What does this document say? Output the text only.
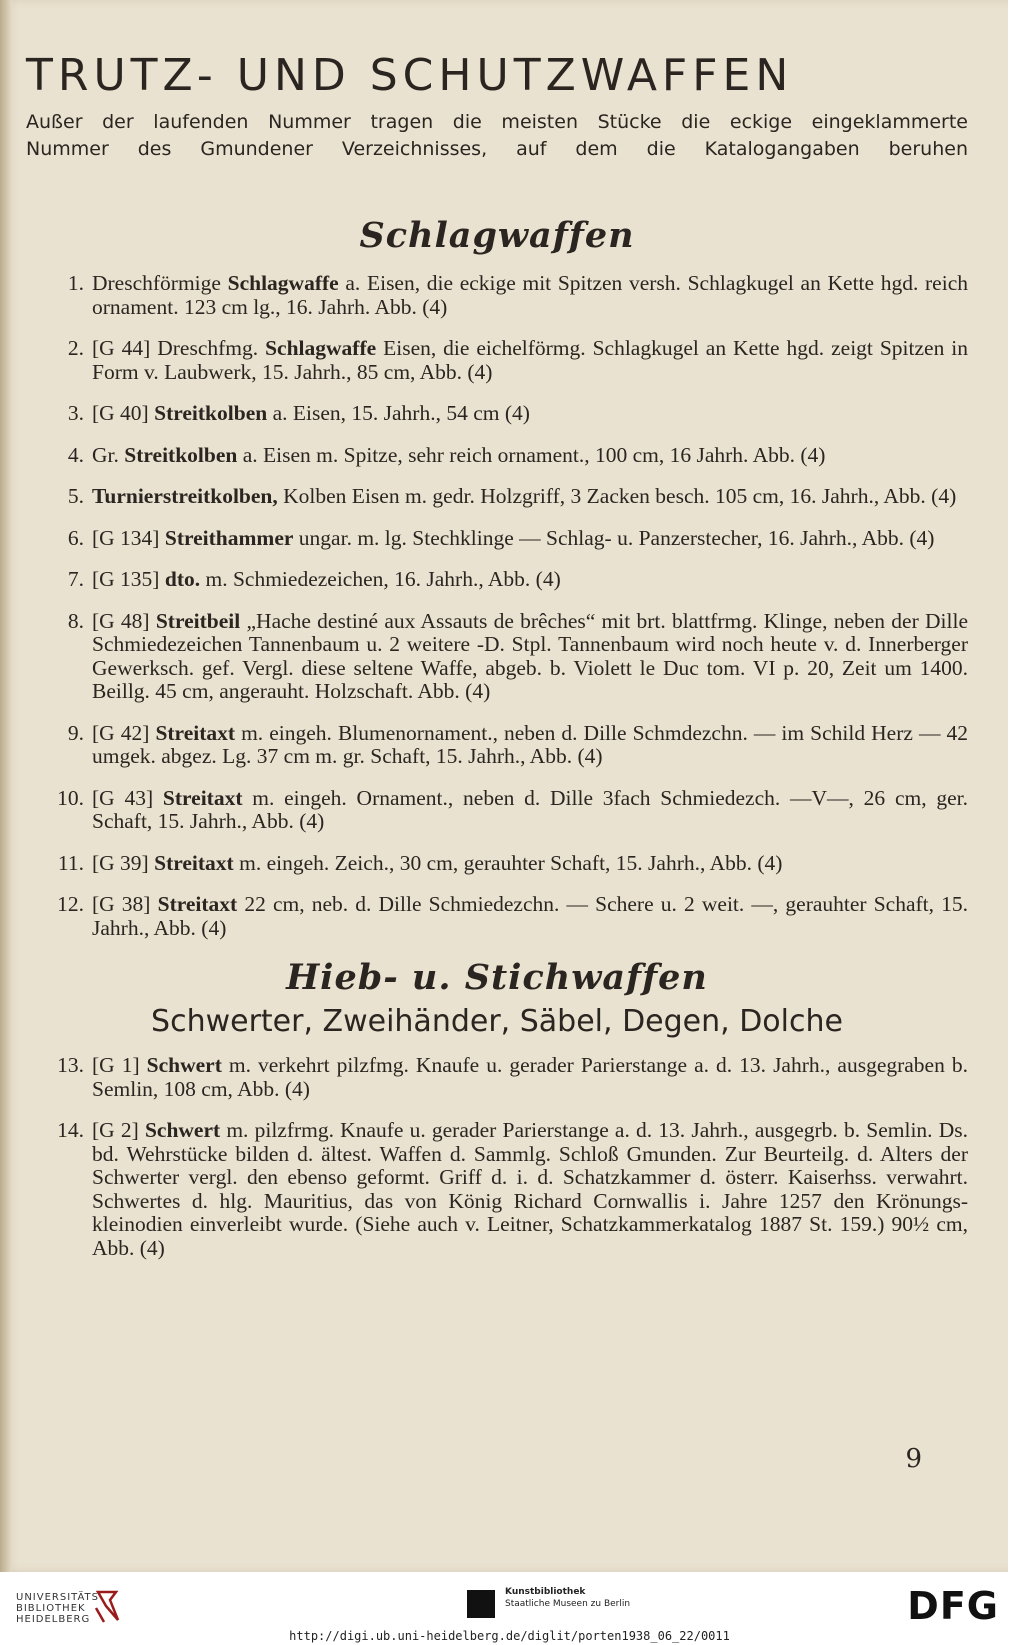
TRUTZ- UND SCHUTZWAFFEN

Außer der laufenden Nummer tragen die meisten Stücke die eckige eingeklammerte

Nummer des Gmundener Verzeichnisses, auf dem die Katalogangaben beruhen

Schlagwaffen
1. Dreschförmige Schlagwaffe a. Eisen, die eckige mit Spitzen versh. Schlagkugel an Kette hgd. reich ornament. 123 cm lg., 16. Jahrh. Abb. (4)
2. [G 44] Dreschfmg. Schlagwaffe Eisen, die eichelförmg. Schlagkugel an Kette hgd. zeigt Spitzen in Form v. Laubwerk, 15. Jahrh., 85 cm, Abb. (4)
3. [G 40] Streitkolben a. Eisen, 15. Jahrh., 54 cm (4)
4. Gr. Streitkolben a. Eisen m. Spitze, sehr reich ornament., 100 cm, 16 Jahrh. Abb. (4)
5. Turnierstreitkolben, Kolben Eisen m. gedr. Holzgriff, 3 Zacken besch. 105 cm, 16. Jahrh., Abb. (4)
6. [G 134] Streithammer ungar. m. lg. Stechklinge — Schlag- u. Panzerstecher, 16. Jahrh., Abb. (4)
7. [G 135] dto. m. Schmiedezeichen, 16. Jahrh., Abb. (4)
8. [G 48] Streitbeil „Hache destiné aux Assauts de brêches“ mit brt. blattfrmg. Klinge, neben der Dille Schmiedezeichen Tannenbaum u. 2 weitere -D. Stpl. Tannenbaum wird noch heute v. d. Innerberger Gewerksch. gef. Vergl. diese seltene Waffe, abgeb. b. Violett le Duc tom. VI p. 20, Zeit um 1400. Beillg. 45 cm, angerauht. Holzschaft. Abb. (4)
9. [G 42] Streitaxt m. eingeh. Blumenornament., neben d. Dille Schmdezchn. — im Schild Herz — 42 umgek. abgez. Lg. 37 cm m. gr. Schaft, 15. Jahrh., Abb. (4)
10. [G 43] Streitaxt m. eingeh. Ornament., neben d. Dille 3fach Schmiedezch. —V—, 26 cm, ger. Schaft, 15. Jahrh., Abb. (4)
11. [G 39] Streitaxt m. eingeh. Zeich., 30 cm, gerauhter Schaft, 15. Jahrh., Abb. (4)
12. [G 38] Streitaxt 22 cm, neb. d. Dille Schmiedezchn. — Schere u. 2 weit. —, gerauhter Schaft, 15. Jahrh., Abb. (4)
Hieb- u. Stichwaffen
Schwerter, Zweihänder, Säbel, Degen, Dolche
13. [G 1] Schwert m. verkehrt pilzfmg. Knaufe u. gerader Parierstange a. d. 13. Jahrh., ausgegraben b. Semlin, 108 cm, Abb. (4)
14. [G 2] Schwert m. pilzfrmg. Knaufe u. gerader Parierstange a. d. 13. Jahrh., ausgegrb. b. Semlin. Ds. bd. Wehrstücke bilden d. ältest. Waffen d. Sammlg. Schloß Gmunden. Zur Beurteilg. d. Alters der Schwerter vergl. den ebenso geformt. Griff d. i. d. Schatzkammer d. österr. Kaiserhss. verwahrt. Schwertes d. hlg. Mauritius, das von König Richard Cornwallis i. Jahre 1257 den Krönungs-kleinodien einverleibt wurde. (Siehe auch v. Leitner, Schatzkammerkatalog 1887 St. 159.) 90½ cm, Abb. (4)
9
UNIVERSITÄTS-
BIBLIOTHEK
HEIDELBERG
Kunstbibliothek
Staatliche Museen zu Berlin	DFG
http://digi.ub.uni-heidelberg.de/diglit/porten1938_06_22/0011
